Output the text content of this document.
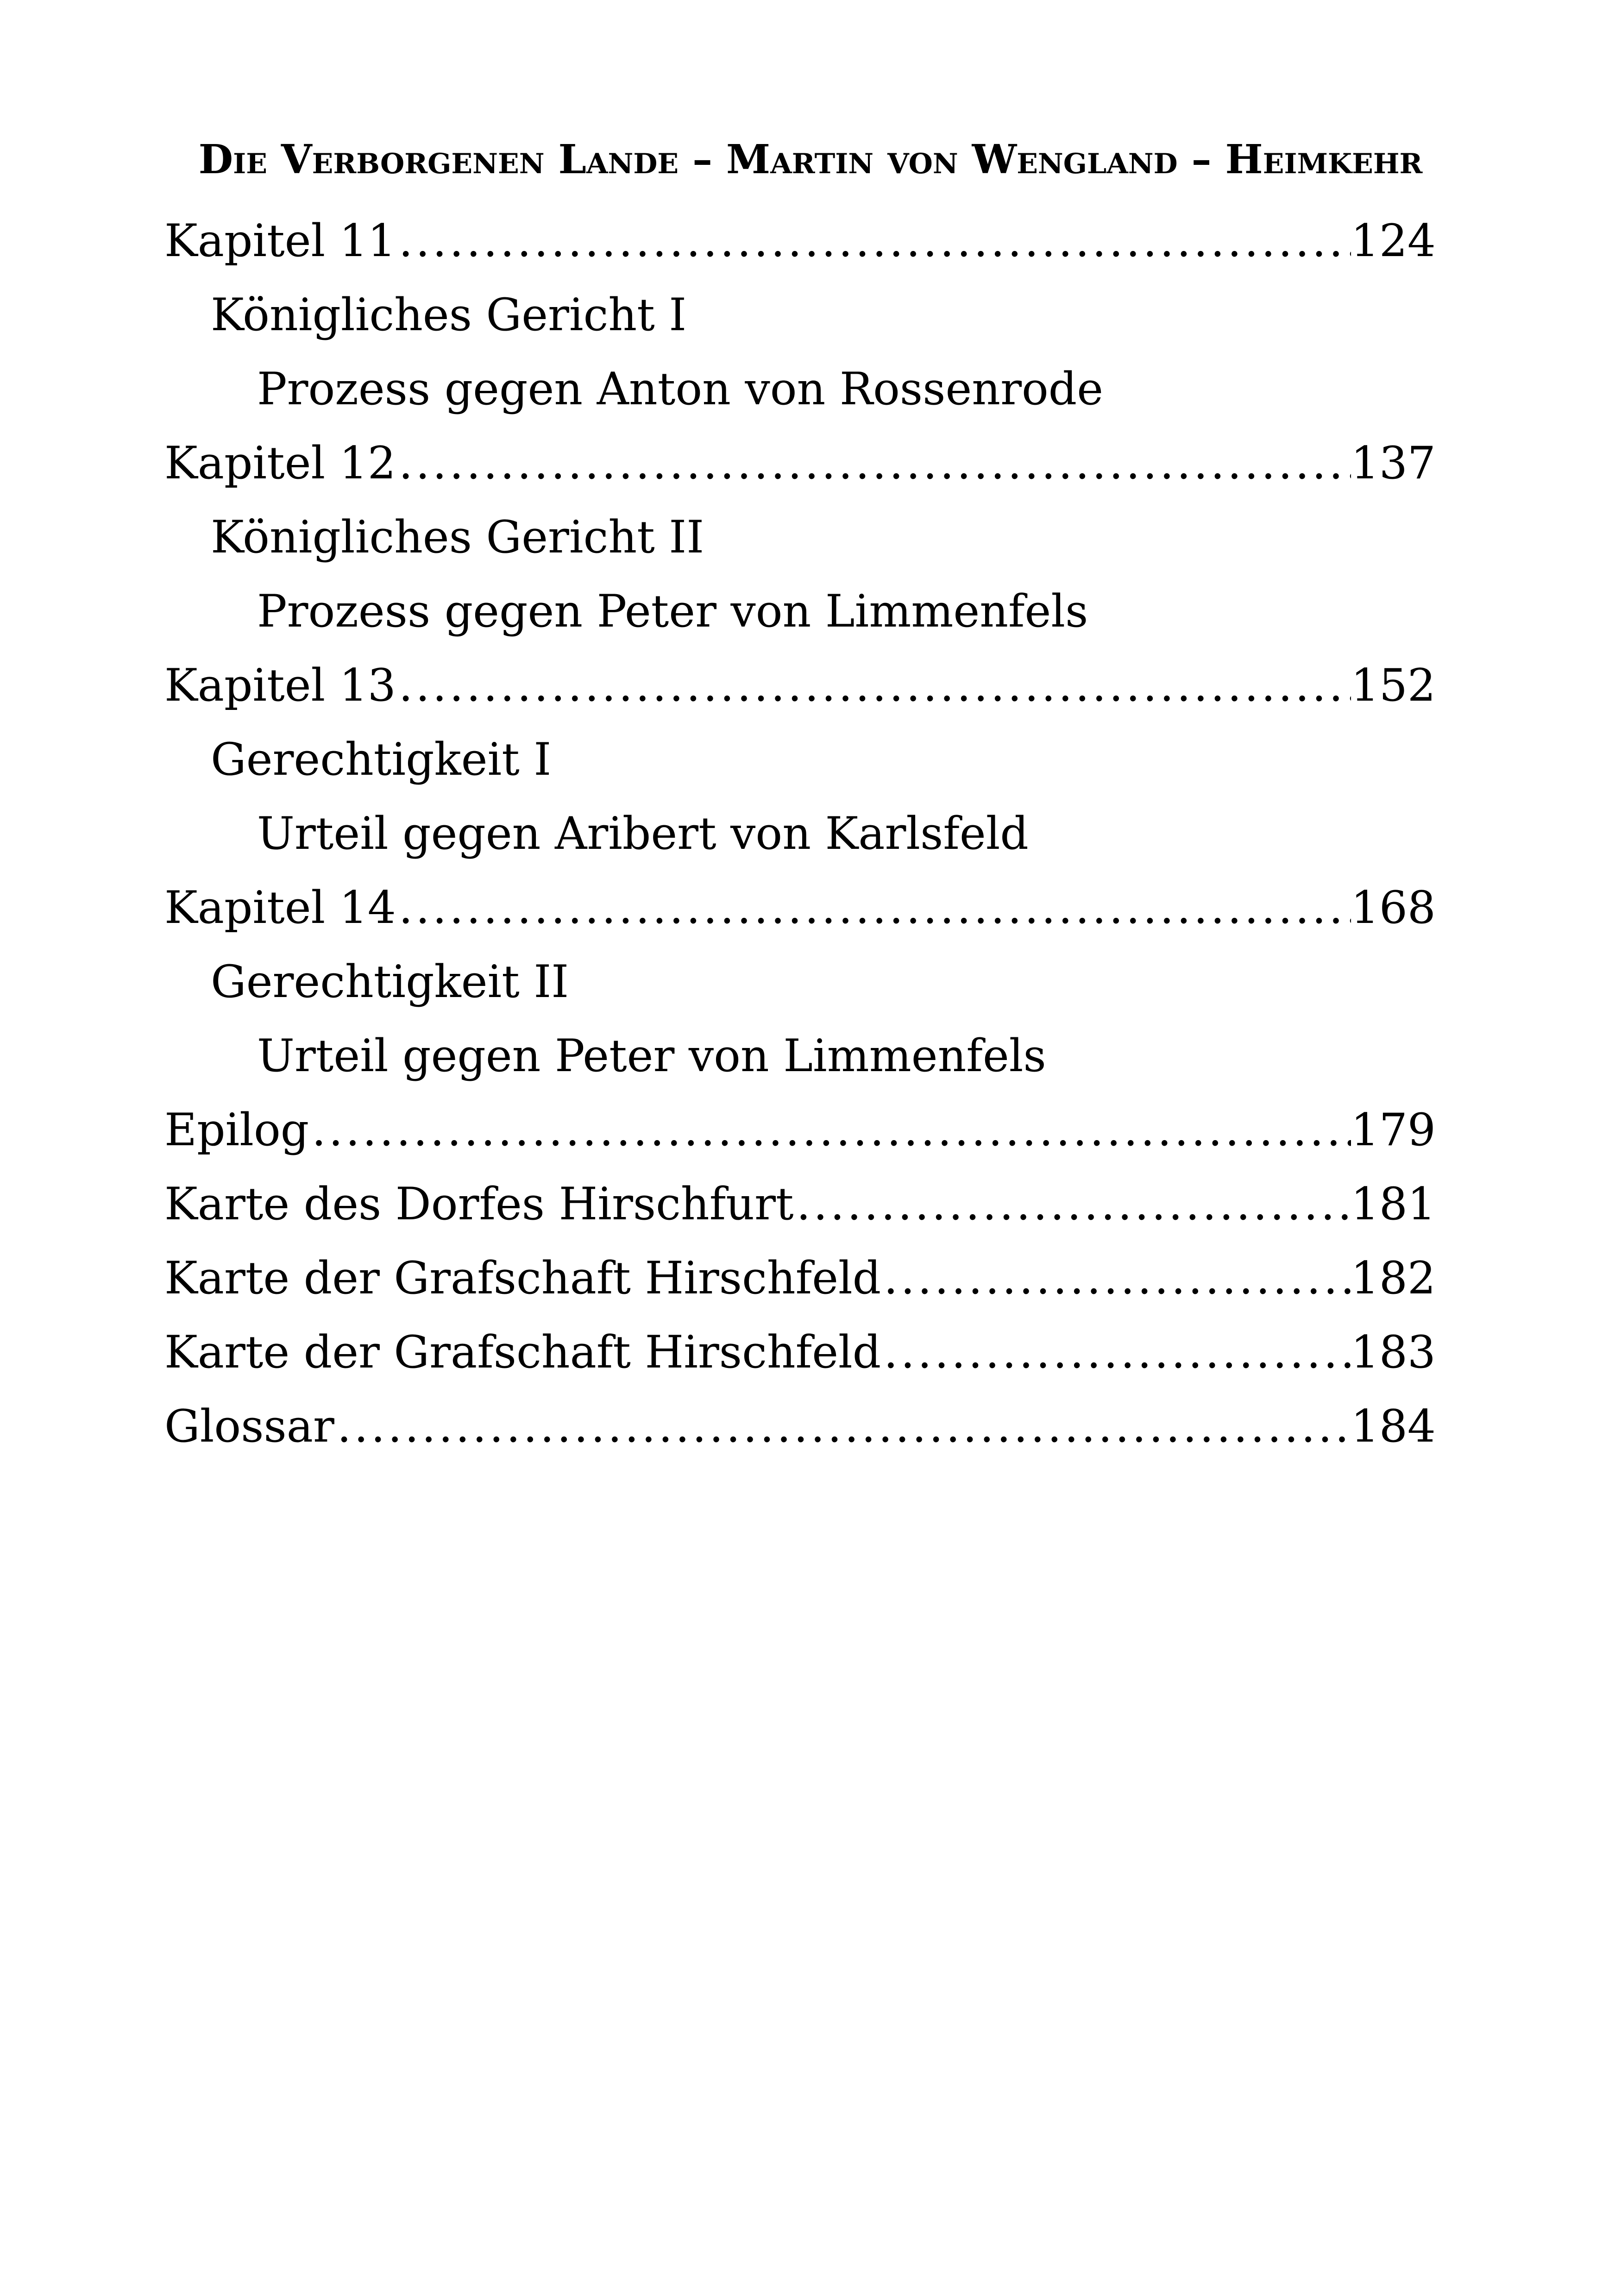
Die Verborgenen Lande – Martin von Wengland – Heimkehr
Kapitel 11 .....	124
Königliches Gericht I
Prozess gegen Anton von Rossenrode
Kapitel 12 .....	137
Königliches Gericht II
Prozess gegen Peter von Limmenfels
Kapitel 13 .....	152
Gerechtigkeit I
Urteil gegen Aribert von Karlsfeld
Kapitel 14 .....	168
Gerechtigkeit II
Urteil gegen Peter von Limmenfels
Epilog .....	179
Karte des Dorfes Hirschfurt .....	181
Karte der Grafschaft Hirschfeld .....	182
Karte der Grafschaft Hirschfeld .....	183
Glossar .....	184
